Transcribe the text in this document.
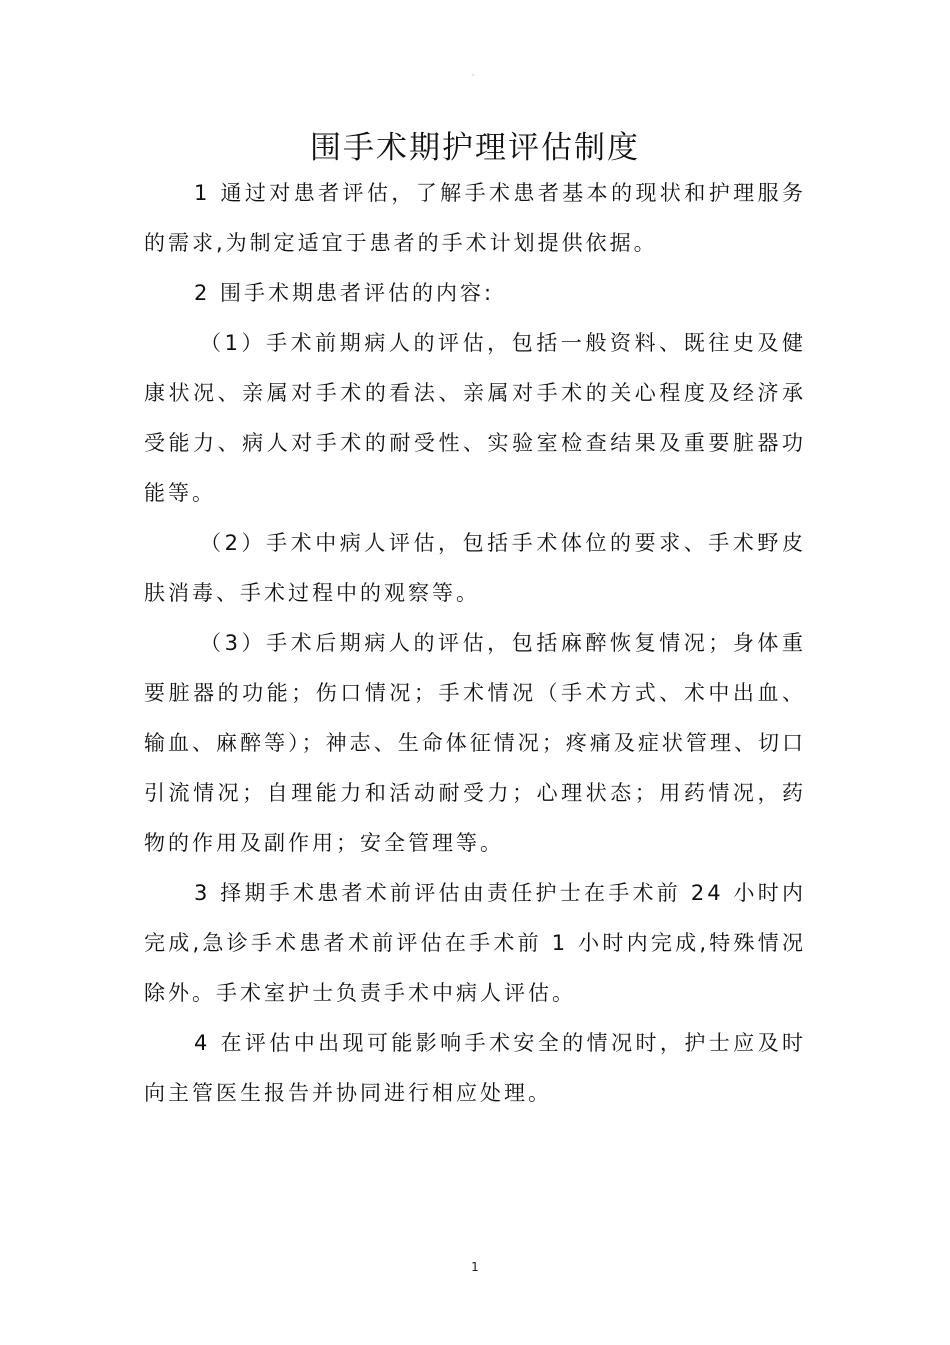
。
围手术期护理评估制度

1 通过对患者评估，了解手术患者基本的现状和护理服务的需求,为制定适宜于患者的手术计划提供依据。

2 围手术期患者评估的内容:

（1）手术前期病人的评估，包括一般资料、既往史及健康状况、亲属对手术的看法、亲属对手术的关心程度及经济承受能力、病人对手术的耐受性、实验室检查结果及重要脏器功能等。

（2）手术中病人评估，包括手术体位的要求、手术野皮肤消毒、手术过程中的观察等。

（3）手术后期病人的评估，包括麻醉恢复情况；身体重要脏器的功能；伤口情况；手术情况（手术方式、术中出血、输血、麻醉等）；神志、生命体征情况；疼痛及症状管理、切口引流情况；自理能力和活动耐受力；心理状态；用药情况，药物的作用及副作用；安全管理等。

3 择期手术患者术前评估由责任护士在手术前 24 小时内完成,急诊手术患者术前评估在手术前 1 小时内完成,特殊情况除外。手术室护士负责手术中病人评估。

4 在评估中出现可能影响手术安全的情况时，护士应及时向主管医生报告并协同进行相应处理。

1
